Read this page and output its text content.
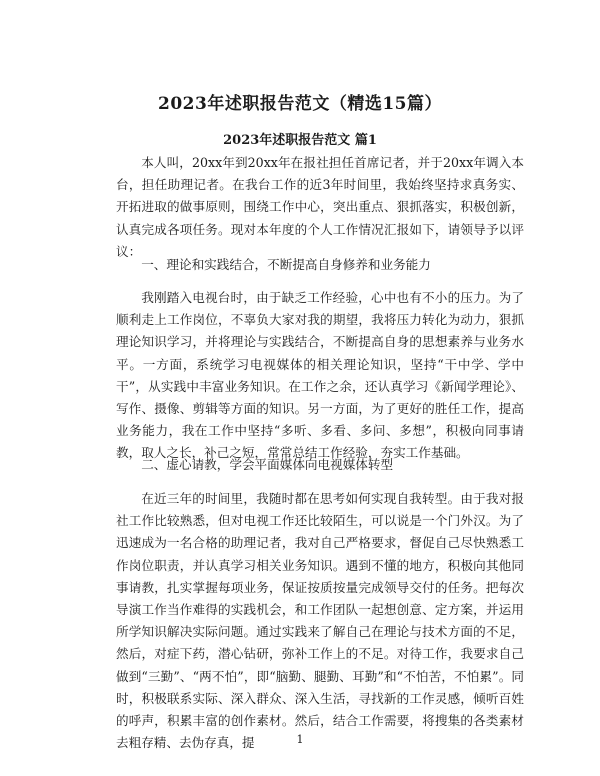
2023年述职报告范文（精选15篇）
2023年述职报告范文 篇1

本人叫，20xx年到20xx年在报社担任首席记者，并于20xx年调入本台，担任助理记者。在我台工作的近3年时间里，我始终坚持求真务实、开拓进取的做事原则，围绕工作中心，突出重点、狠抓落实，积极创新，认真完成各项任务。现对本年度的个人工作情况汇报如下，请领导予以评议：

一、理论和实践结合，不断提高自身修养和业务能力

我刚踏入电视台时，由于缺乏工作经验，心中也有不小的压力。为了顺利走上工作岗位，不辜负大家对我的期望，我将压力转化为动力，狠抓理论知识学习，并将理论与实践结合，不断提高自身的思想素养与业务水平。一方面，系统学习电视媒体的相关理论知识，坚持“干中学、学中干”，从实践中丰富业务知识。在工作之余，还认真学习《新闻学理论》、写作、摄像、剪辑等方面的知识。另一方面，为了更好的胜任工作，提高业务能力，我在工作中坚持“多听、多看、多问、多想”，积极向同事请教，取人之长，补己之短，常常总结工作经验，夯实工作基础。

二、虚心请教，学会平面媒体向电视媒体转型

在近三年的时间里，我随时都在思考如何实现自我转型。由于我对报社工作比较熟悉，但对电视工作还比较陌生，可以说是一个门外汉。为了迅速成为一名合格的助理记者，我对自己严格要求，督促自己尽快熟悉工作岗位职责，并认真学习相关业务知识。遇到不懂的地方，积极向其他同事请教，扎实掌握每项业务，保证按质按量完成领导交付的任务。把每次导演工作当作难得的实践机会，和工作团队一起想创意、定方案，并运用所学知识解决实际问题。通过实践来了解自己在理论与技术方面的不足，然后，对症下药，潜心钻研，弥补工作上的不足。对待工作，我要求自己做到“三勤”、“两不怕”，即“脑勤、腿勤、耳勤”和“不怕苦，不怕累”。同时，积极联系实际、深入群众、深入生活，寻找新的工作灵感，倾听百姓的呼声，积累丰富的创作素材。然后，结合工作需要，将搜集的各类素材去粗存精、去伪存真，提	1
